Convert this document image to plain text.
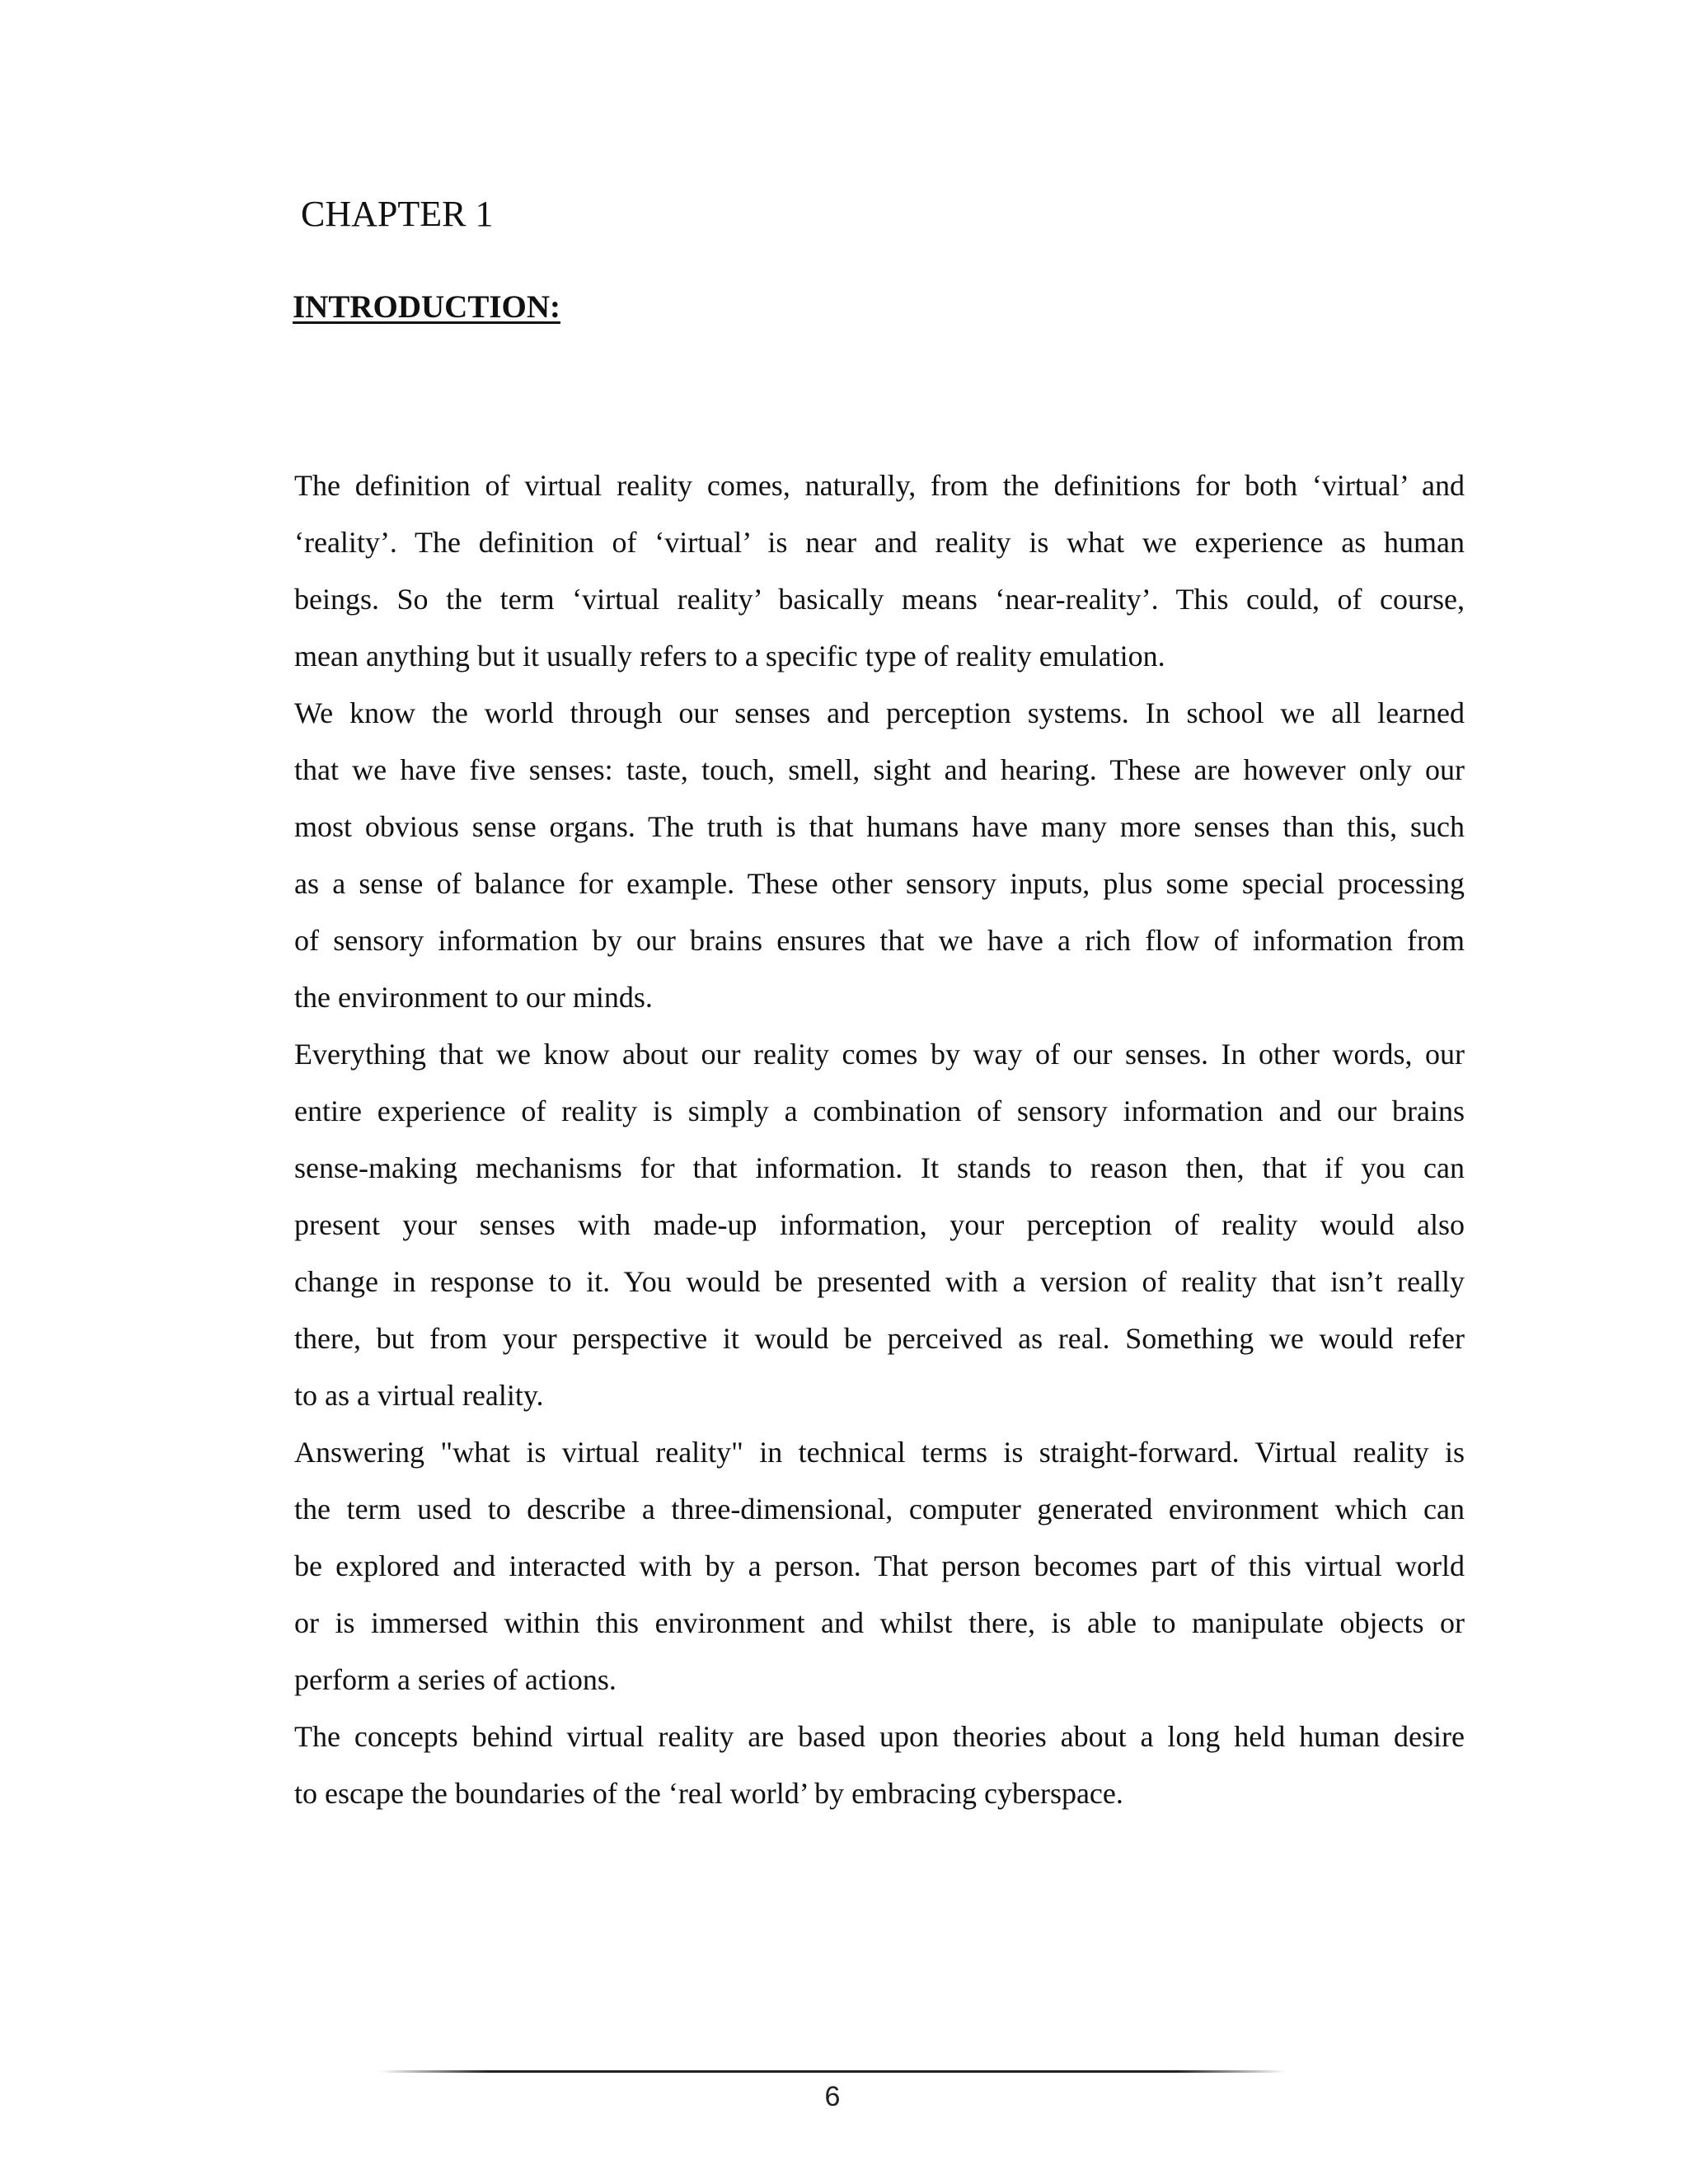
CHAPTER 1
INTRODUCTION:
The definition of virtual reality comes, naturally, from the definitions for both ‘virtual’ and
‘reality’. The definition of ‘virtual’ is near and reality is what we experience as human
beings. So the term ‘virtual reality’ basically means ‘near-reality’. This could, of course,
mean anything but it usually refers to a specific type of reality emulation.
We know the world through our senses and perception systems. In school we all learned
that we have five senses: taste, touch, smell, sight and hearing. These are however only our
most obvious sense organs. The truth is that humans have many more senses than this, such
as a sense of balance for example. These other sensory inputs, plus some special processing
of sensory information by our brains ensures that we have a rich flow of information from
the environment to our minds.
Everything that we know about our reality comes by way of our senses. In other words, our
entire experience of reality is simply a combination of sensory information and our brains
sense-making mechanisms for that information. It stands to reason then, that if you can
present your senses with made-up information, your perception of reality would also
change in response to it. You would be presented with a version of reality that isn’t really
there, but from your perspective it would be perceived as real. Something we would refer
to as a virtual reality.
Answering "what is virtual reality" in technical terms is straight-forward. Virtual reality is
the term used to describe a three-dimensional, computer generated environment which can
be explored and interacted with by a person. That person becomes part of this virtual world
or is immersed within this environment and whilst there, is able to manipulate objects or
perform a series of actions.
The concepts behind virtual reality are based upon theories about a long held human desire
to escape the boundaries of the ‘real world’ by embracing cyberspace.
6
